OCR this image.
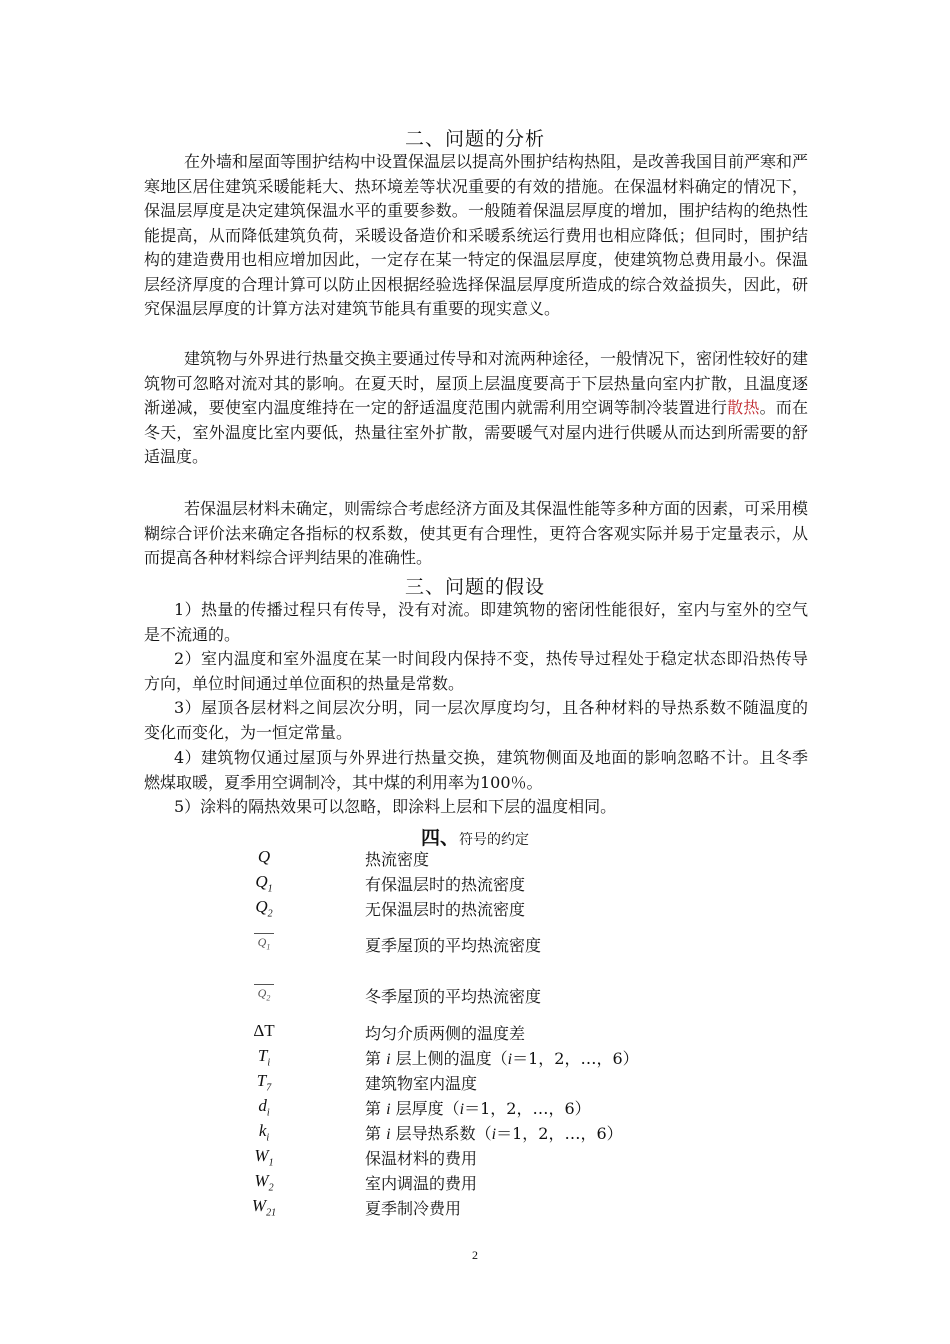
二、问题的分析

在外墙和屋面等围护结构中设置保温层以提高外围护结构热阻，是改善我国目前严寒和严寒地区居住建筑采暖能耗大、热环境差等状况重要的有效的措施。在保温材料确定的情况下，保温层厚度是决定建筑保温水平的重要参数。一般随着保温层厚度的增加，围护结构的绝热性能提高，从而降低建筑负荷，采暖设备造价和采暖系统运行费用也相应降低；但同时，围护结构的建造费用也相应增加因此，一定存在某一特定的保温层厚度，使建筑物总费用最小。保温层经济厚度的合理计算可以防止因根据经验选择保温层厚度所造成的综合效益损失，因此，研究保温层厚度的计算方法对建筑节能具有重要的现实意义。

建筑物与外界进行热量交换主要通过传导和对流两种途径，一般情况下，密闭性较好的建筑物可忽略对流对其的影响。在夏天时，屋顶上层温度要高于下层热量向室内扩散，且温度逐渐递减，要使室内温度维持在一定的舒适温度范围内就需利用空调等制冷装置进行散热。而在冬天，室外温度比室内要低，热量往室外扩散，需要暖气对屋内进行供暖从而达到所需要的舒适温度。

若保温层材料未确定，则需综合考虑经济方面及其保温性能等多种方面的因素，可采用模糊综合评价法来确定各指标的权系数，使其更有合理性，更符合客观实际并易于定量表示，从而提高各种材料综合评判结果的准确性。

三、问题的假设

1）热量的传播过程只有传导，没有对流。即建筑物的密闭性能很好，室内与室外的空气是不流通的。

2）室内温度和室外温度在某一时间段内保持不变，热传导过程处于稳定状态即沿热传导方向，单位时间通过单位面积的热量是常数。

3）屋顶各层材料之间层次分明，同一层次厚度均匀，且各种材料的导热系数不随温度的变化而变化，为一恒定常量。

4）建筑物仅通过屋顶与外界进行热量交换，建筑物侧面及地面的影响忽略不计。且冬季燃煤取暖，夏季用空调制冷，其中煤的利用率为100％。

5）涂料的隔热效果可以忽略，即涂料上层和下层的温度相同。

四、符号的约定
Q	热流密度
$Q_1$	有保温层时的热流密度
$Q_2$	无保温层时的热流密度
$Q_1$	夏季屋顶的平均热流密度
$Q_2$	冬季屋顶的平均热流密度
ΔT	均匀介质两侧的温度差
$T_i$	第 i 层上侧的温度（i＝1，2，…，6）
$T_7$	建筑物室内温度
$d_i$	第 i 层厚度（i＝1，2，…，6）
$k_i$	第 i 层导热系数（i＝1，2，…，6）
$W_1$	保温材料的费用
$W_2$	室内调温的费用
$W_{21}$	夏季制冷费用
2
